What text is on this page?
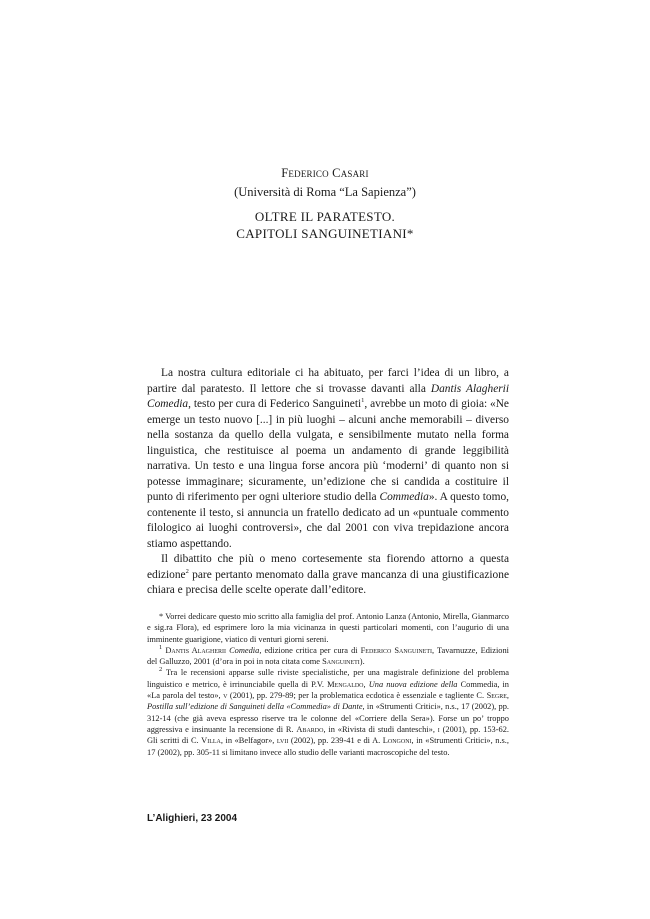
Federico Casari
(Università di Roma “La Sapienza”)
OLTRE IL PARATESTO.
CAPITOLI SANGUINETIANI*

La nostra cultura editoriale ci ha abituato, per farci l’idea di un libro, a partire dal paratesto. Il lettore che si trovasse davanti alla Dantis Alagherii Comedia, testo per cura di Federico Sanguineti$^1$, avrebbe un moto di gioia: «Ne emerge un testo nuovo [...] in più luoghi – alcuni anche memorabili – diverso nella sostanza da quello della vulgata, e sensibilmente mutato nella forma linguistica, che restituisce al poema un andamento di grande leggibilità narrativa. Un testo e una lingua forse ancora più ‘moderni’ di quanto non si potesse immaginare; sicuramente, un’edizione che si candida a costituire il punto di riferimento per ogni ulteriore studio della Commedia». A questo tomo, contenente il testo, si annuncia un fratello dedicato ad un «puntuale commento filologico ai luoghi controversi», che dal 2001 con viva trepidazione ancora stiamo aspettando.

Il dibattito che più o meno cortesemente sta fiorendo attorno a questa edizione$^2$ pare pertanto menomato dalla grave mancanza di una giustificazione chiara e precisa delle scelte operate dall’editore.

* Vorrei dedicare questo mio scritto alla famiglia del prof. Antonio Lanza (Antonio, Mirella, Gianmarco e sig.ra Flora), ed esprimere loro la mia vicinanza in questi particolari momenti, con l’augurio di una imminente guarigione, viatico di venturi giorni sereni.

$^1$ Dantis Alagherii Comedia, edizione critica per cura di Federico Sanguineti, Tavarnuzze, Edizioni del Galluzzo, 2001 (d’ora in poi in nota citata come Sanguineti).

$^2$ Tra le recensioni apparse sulle riviste specialistiche, per una magistrale definizione del problema linguistico e metrico, è irrinunciabile quella di P.V. Mengaldo, Una nuova edizione della Commedia, in «La parola del testo», v (2001), pp. 279-89; per la problematica ecdotica è essenziale e tagliente C. Segre, Postilla sull’edizione di Sanguineti della «Commedia» di Dante, in «Strumenti Critici», n.s., 17 (2002), pp. 312-14 (che già aveva espresso riserve tra le colonne del «Corriere della Sera»). Forse un po’ troppo aggressiva e insinuante la recensione di R. Abardo, in «Rivista di studi danteschi», i (2001), pp. 153-62. Gli scritti di C. Villa, in «Belfagor», lvii (2002), pp. 239-41 e di A. Longoni, in «Strumenti Critici», n.s., 17 (2002), pp. 305-11 si limitano invece allo studio delle varianti macroscopiche del testo.

L’Alighieri, 23 2004
